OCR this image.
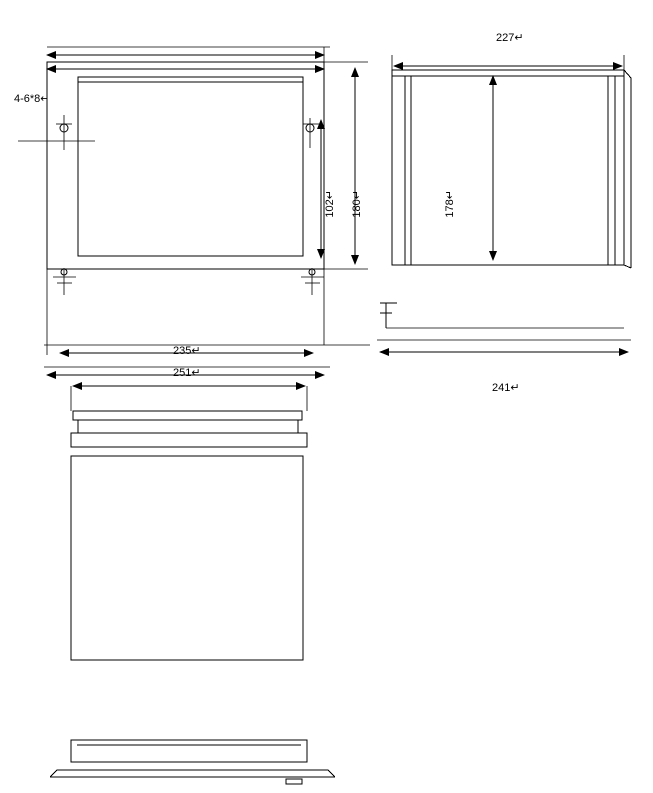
4-6*8↵
102↵ 180↵
227↵
178↵
235↵
251↵
241↵
